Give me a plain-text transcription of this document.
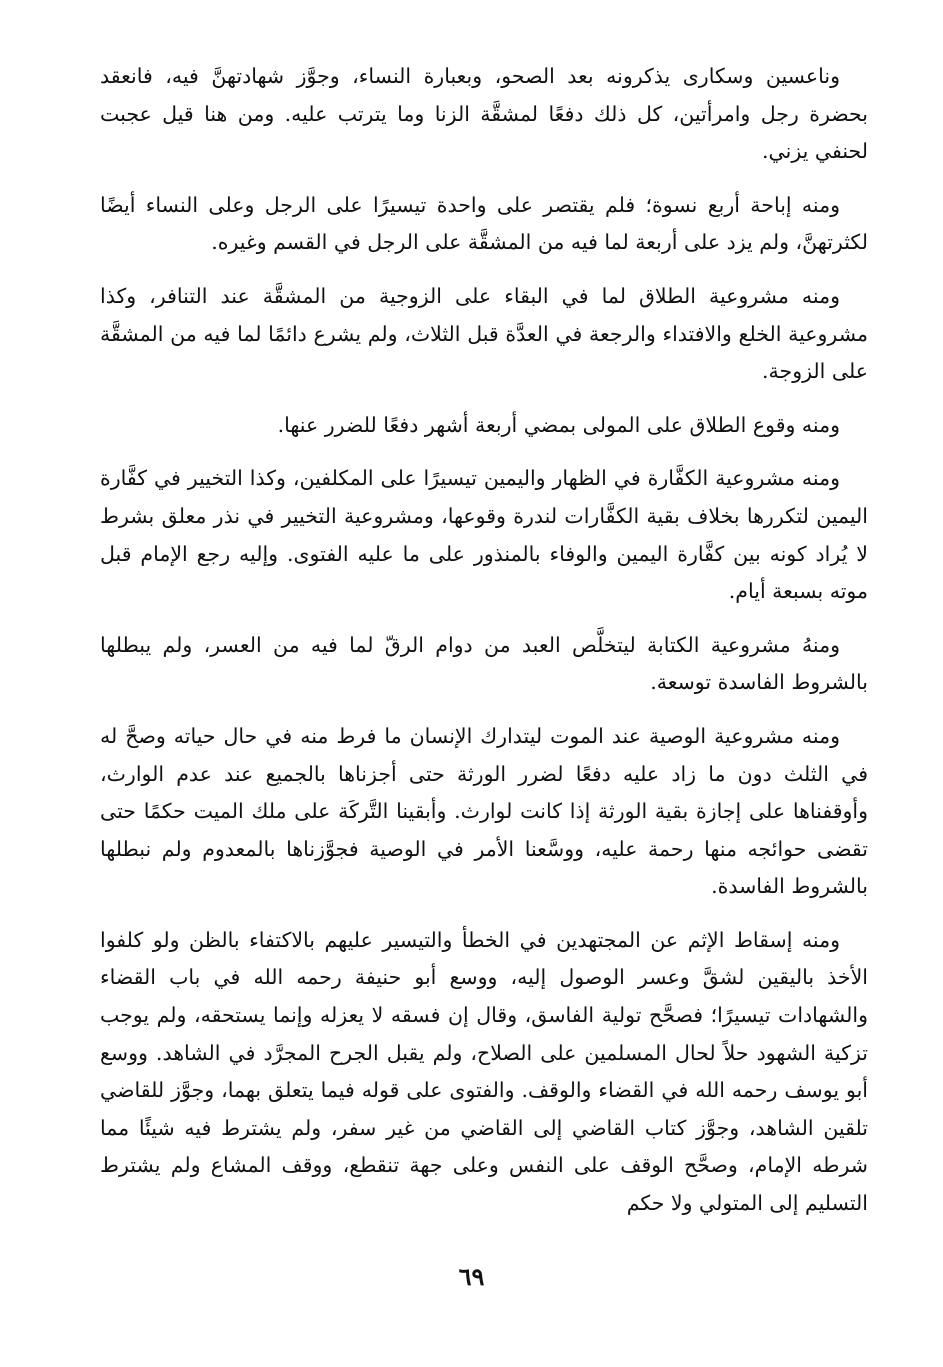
وناعسين وسكارى يذكرونه بعد الصحو، وبعبارة النساء، وجوَّز شهادتهنَّ فيه، فانعقد بحضرة رجل وامرأتين، كل ذلك دفعًا لمشقَّة الزنا وما يترتب عليه. ومن هنا قيل عجبت لحنفي يزني.

ومنه إباحة أربع نسوة؛ فلم يقتصر على واحدة تيسيرًا على الرجل وعلى النساء أيضًا لكثرتهنَّ، ولم يزد على أربعة لما فيه من المشقَّة على الرجل في القسم وغيره.

ومنه مشروعية الطلاق لما في البقاء على الزوجية من المشقَّة عند التنافر، وكذا مشروعية الخلع والافتداء والرجعة في العدَّة قبل الثلاث، ولم يشرع دائمًا لما فيه من المشقَّة على الزوجة.

ومنه وقوع الطلاق على المولى بمضي أربعة أشهر دفعًا للضرر عنها.

ومنه مشروعية الكفَّارة في الظهار واليمين تيسيرًا على المكلفين، وكذا التخيير في كفَّارة اليمين لتكررها بخلاف بقية الكفَّارات لندرة وقوعها، ومشروعية التخيير في نذر معلق بشرط لا يُراد كونه بين كفَّارة اليمين والوفاء بالمنذور على ما عليه الفتوى. وإليه رجع الإمام قبل موته بسبعة أيام.

ومنهُ مشروعية الكتابة ليتخلَّص العبد من دوام الرقّ لما فيه من العسر، ولم يبطلها بالشروط الفاسدة توسعة.

ومنه مشروعية الوصية عند الموت ليتدارك الإنسان ما فرط منه في حال حياته وصحَّ له في الثلث دون ما زاد عليه دفعًا لضرر الورثة حتى أجزناها بالجميع عند عدم الوارث، وأوقفناها على إجازة بقية الورثة إذا كانت لوارث. وأبقينا التَّركَة على ملك الميت حكمًا حتى تقضى حوائجه منها رحمة عليه، ووسَّعنا الأمر في الوصية فجوَّزناها بالمعدوم ولم نبطلها بالشروط الفاسدة.

ومنه إسقاط الإثم عن المجتهدين في الخطأ والتيسير عليهم بالاكتفاء بالظن ولو كلفوا الأخذ باليقين لشقَّ وعسر الوصول إليه، ووسع أبو حنيفة رحمه الله في باب القضاء والشهادات تيسيرًا؛ فصحَّح تولية الفاسق، وقال إن فسقه لا يعزله وإنما يستحقه، ولم يوجب تزكية الشهود حلاً لحال المسلمين على الصلاح، ولم يقبل الجرح المجرَّد في الشاهد. ووسع أبو يوسف رحمه الله في القضاء والوقف. والفتوى على قوله فيما يتعلق بهما، وجوَّز للقاضي تلقين الشاهد، وجوَّز كتاب القاضي إلى القاضي من غير سفر، ولم يشترط فيه شيئًا مما شرطه الإمام، وصحَّح الوقف على النفس وعلى جهة تنقطع، ووقف المشاع ولم يشترط التسليم إلى المتولي ولا حكم

٦٩
